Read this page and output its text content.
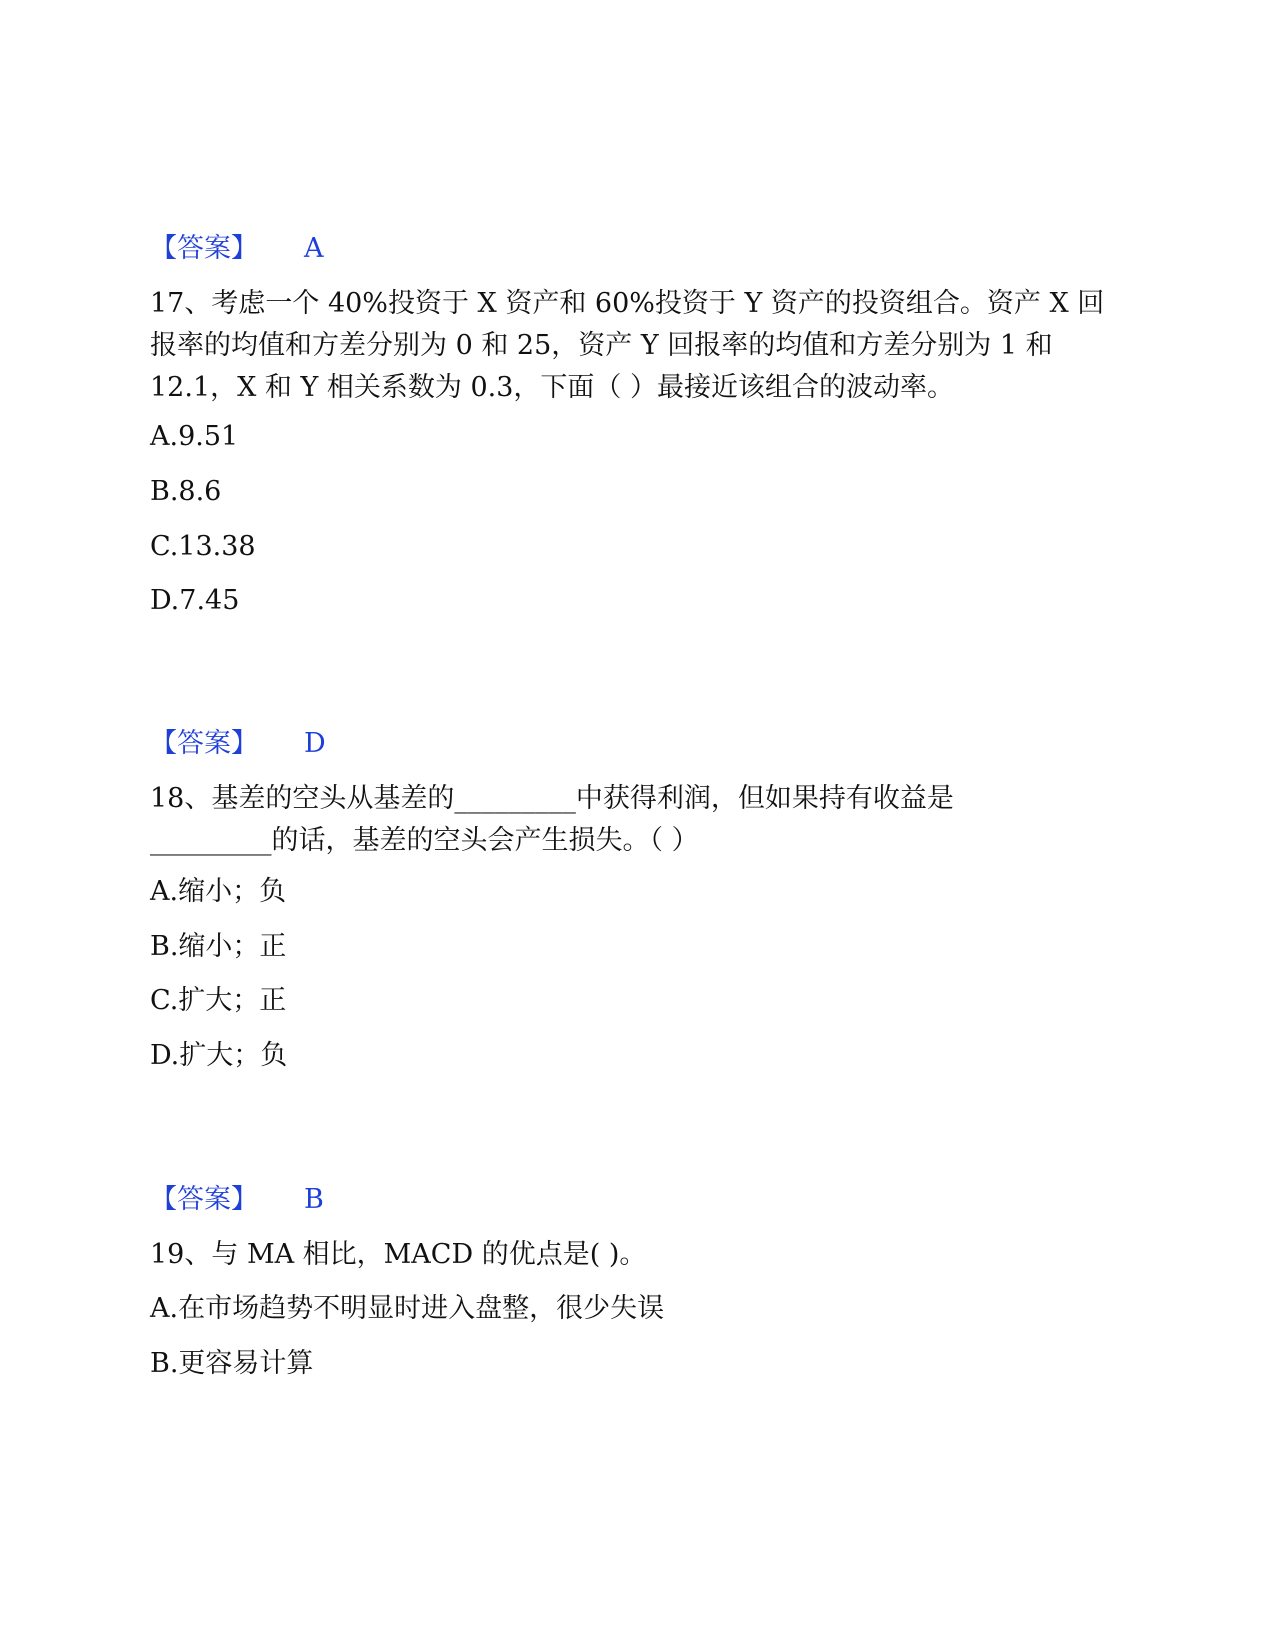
【答案】 A
17、考虑一个 40%投资于 X 资产和 60%投资于 Y 资产的投资组合。资产 X 回
报率的均值和方差分别为 0 和 25，资产 Y 回报率的均值和方差分别为 1 和
12.1，X 和 Y 相关系数为 0.3，下面（ ）最接近该组合的波动率。
A.9.51
B.8.6
C.13.38
D.7.45
【答案】 D
18、基差的空头从基差的_________中获得利润，但如果持有收益是
_________的话，基差的空头会产生损失。（ ）
A.缩小；负
B.缩小；正
C.扩大；正
D.扩大；负
【答案】 B
19、与 MA 相比，MACD 的优点是( )。
A.在市场趋势不明显时进入盘整，很少失误
B.更容易计算
